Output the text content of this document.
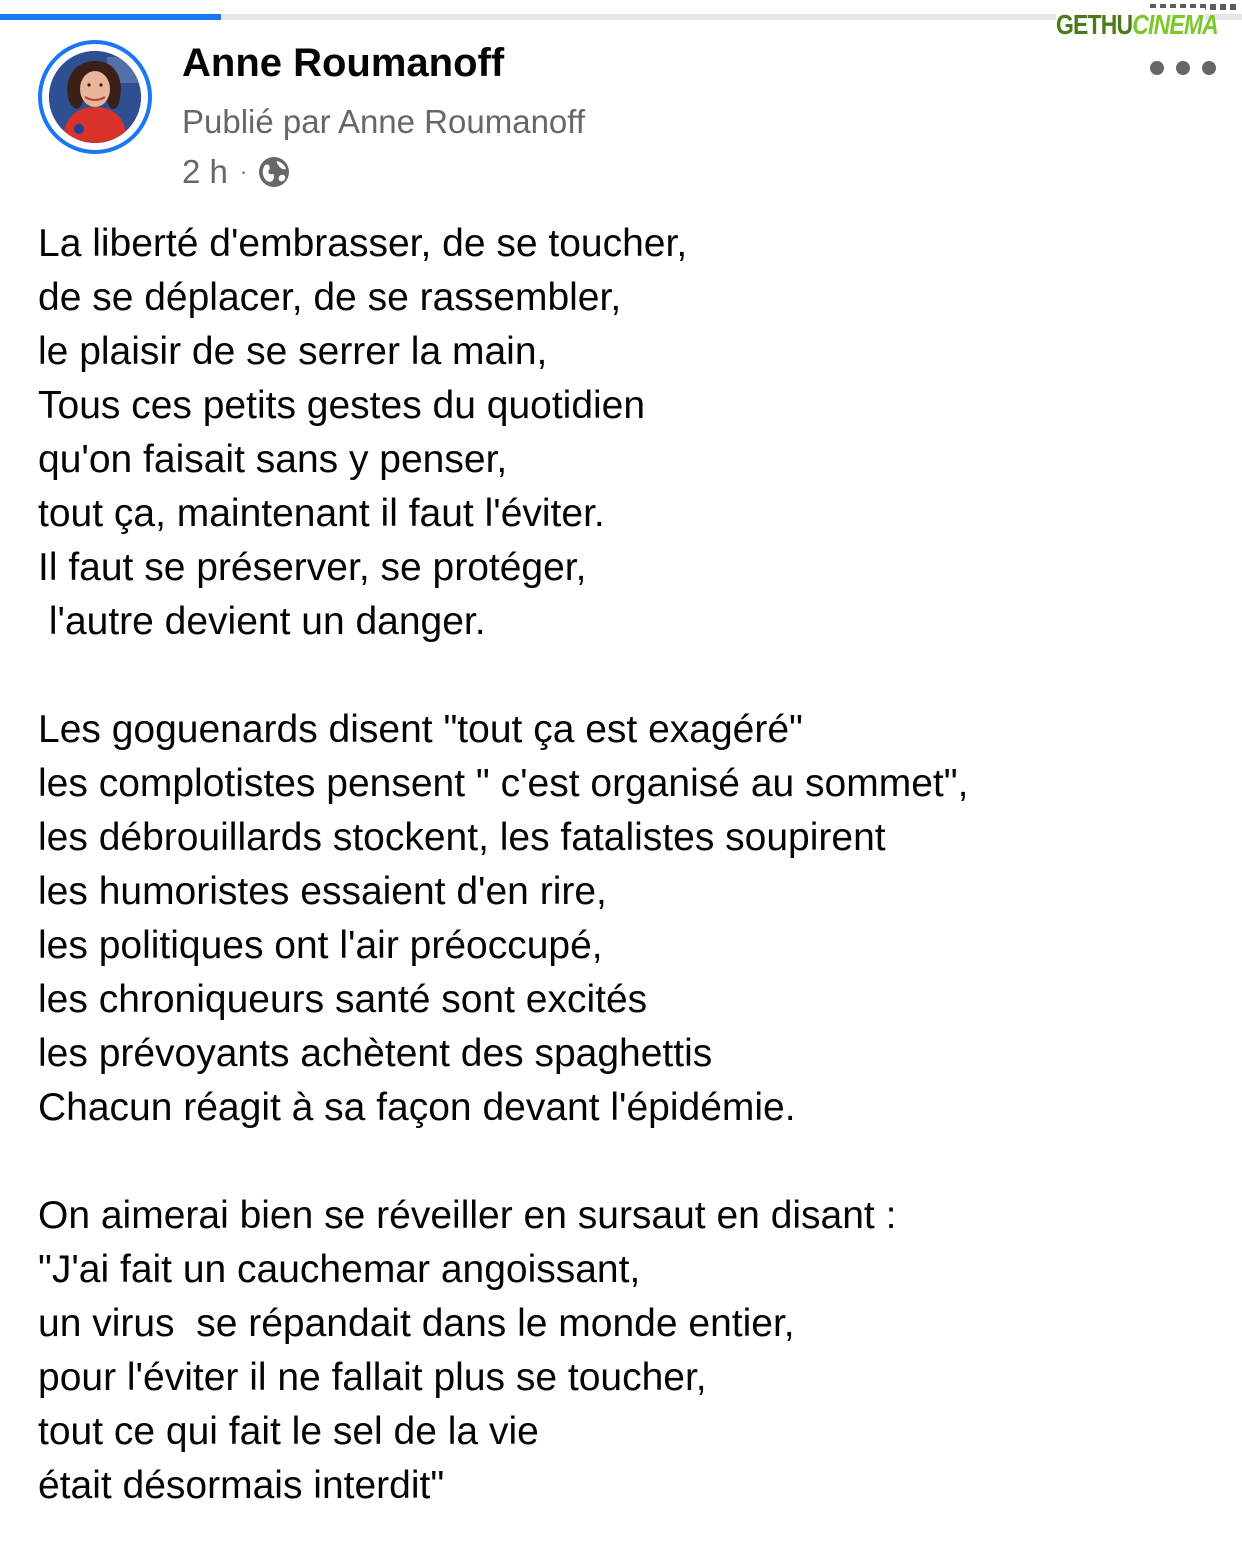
GETHUCINEMA
Anne Roumanoff
Publié par Anne Roumanoff
2 h ·
La liberté d'embrasser, de se toucher,
de se déplacer, de se rassembler,
le plaisir de se serrer la main,
Tous ces petits gestes du quotidien
qu'on faisait sans y penser,
tout ça, maintenant il faut l'éviter.
Il faut se préserver, se protéger,
l'autre devient un danger.
Les goguenards disent "tout ça est exagéré"
les complotistes pensent " c'est organisé au sommet",
les débrouillards stockent, les fatalistes soupirent
les humoristes essaient d'en rire,
les politiques ont l'air préoccupé,
les chroniqueurs santé sont excités
les prévoyants achètent des spaghettis
Chacun réagit à sa façon devant l'épidémie.
On aimerai bien se réveiller en sursaut en disant :
"J'ai fait un cauchemar angoissant,
un virus  se répandait dans le monde entier,
pour l'éviter il ne fallait plus se toucher,
tout ce qui fait le sel de la vie
était désormais interdit"
